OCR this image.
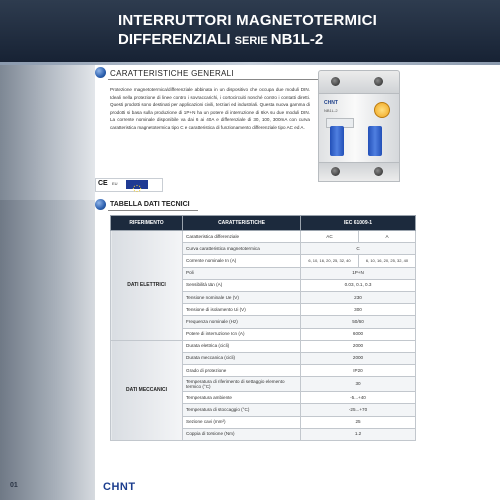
INTERRUTTORI MAGNETOTERMICI
DIFFERENZIALI SERIE NB1L-2
CARATTERISTICHE GENERALI
Protezione magnetotermica/differenziale abbinata in un dispositivo che occupa due moduli DIN. Ideali nella protezione di linee contro i sovraccarichi, i cortocircuiti nonché contro i contatti diretti. Questi prodotti sono destinati per applicazioni civili, terziari ed industriali. Questa nuova gamma di prodotti si basa sulla produzione di 1P+N ha un potere di interruzione di 6kA su due moduli DIN. La corrente nominale disponibile va dai 6 ai 40A e differenziale di 30, 100, 300mA con curva caratteristica magnetotermica tipo C e caratteristica di funzionamento differenziale tipo AC ed A.
CE EU
CHNT
NB1L-2
TABELLA DATI TECNICI
RIFERIMENTO	CARATTERISTICHE	IEC 61009-1	
DATI ELETTRICI	Caratteristica differenziale	AC	A
	Curva caratteristica magnetotermica	C	
	Corrente nominale In (A)	6, 10, 16, 20, 25, 32, 40	6, 10, 16, 20, 25, 32, 40
	Poli	1P+N	
	Sensibilità I∆n (A)	0.03, 0.1, 0.3	
	Tensione nominale Ue (V)	230	
	Tensione di isolamento Ui (V)	300	
	Frequenza nominale (Hz)	50/60	
	Potere di interruzione Icn (A)	6000	
DATI MECCANICI	Durata elettrica (cicli)	2000	
	Durata meccanica (cicli)	2000	
	Grado di protezione	IP20	
	Temperatura di riferimento di settaggio elemento termico (°C)	30	
	Temperatura ambiente	-5...+40	
	Temperatura di stoccaggio (°C)	-25...+70	
	Sezione cavi (mm²)	25	
	Coppia di torsione (Nm)	1.2	
01	CHNT
